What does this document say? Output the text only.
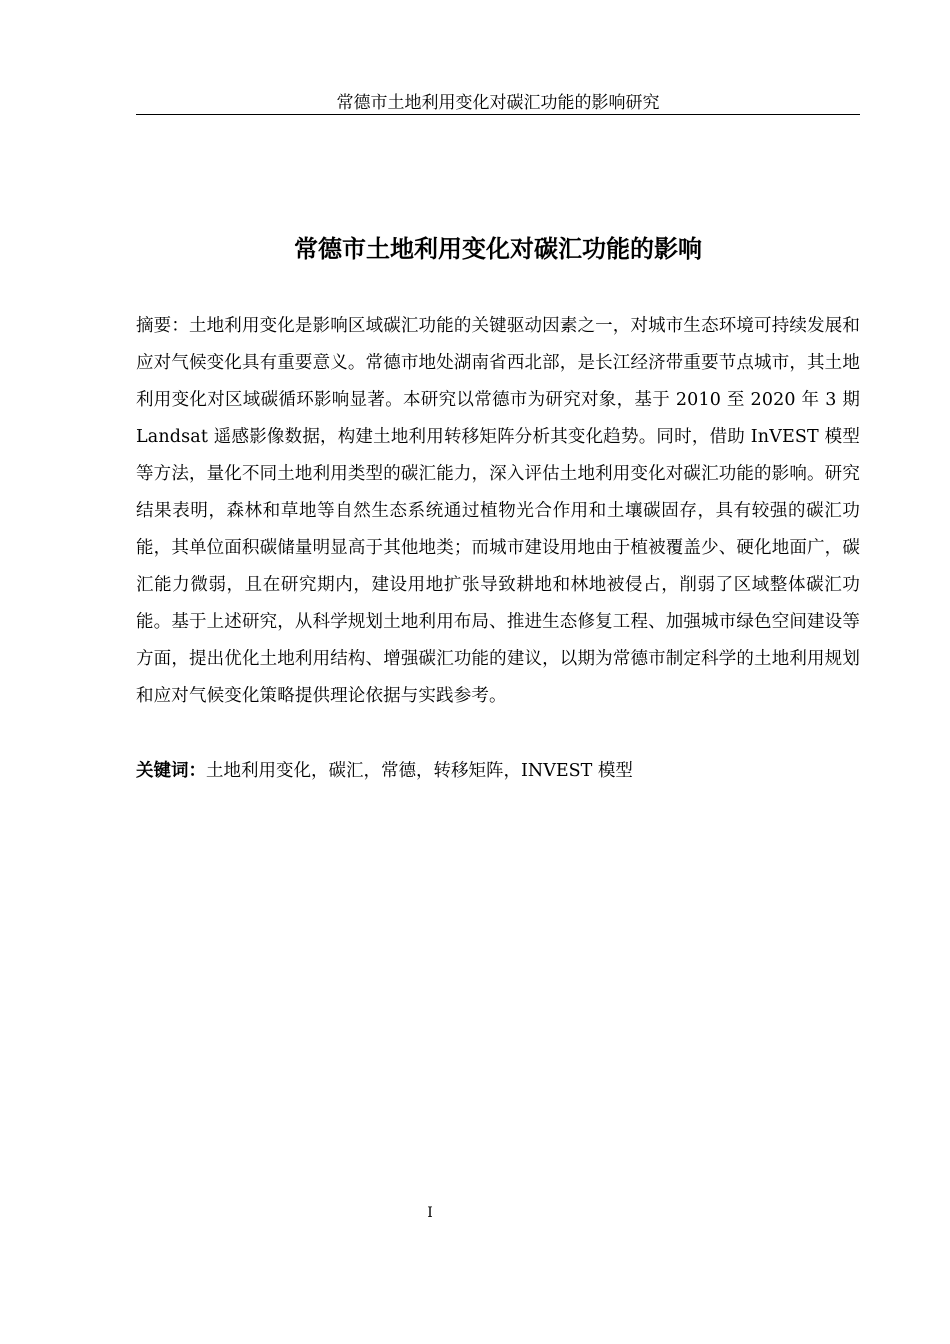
常德市土地利用变化对碳汇功能的影响研究
常德市土地利用变化对碳汇功能的影响

摘要：土地利用变化是影响区域碳汇功能的关键驱动因素之一，对城市生态环境可持续发展和应对气候变化具有重要意义。常德市地处湖南省西北部，是长江经济带重要节点城市，其土地利用变化对区域碳循环影响显著。本研究以常德市为研究对象，基于 2010 至 2020 年 3 期 Landsat 遥感影像数据，构建土地利用转移矩阵分析其变化趋势。同时，借助 InVEST 模型等方法，量化不同土地利用类型的碳汇能力，深入评估土地利用变化对碳汇功能的影响。研究结果表明，森林和草地等自然生态系统通过植物光合作用和土壤碳固存，具有较强的碳汇功能，其单位面积碳储量明显高于其他地类；而城市建设用地由于植被覆盖少、硬化地面广，碳汇能力微弱，且在研究期内，建设用地扩张导致耕地和林地被侵占，削弱了区域整体碳汇功能。基于上述研究，从科学规划土地利用布局、推进生态修复工程、加强城市绿色空间建设等方面，提出优化土地利用结构、增强碳汇功能的建议，以期为常德市制定科学的土地利用规划和应对气候变化策略提供理论依据与实践参考。

关键词：土地利用变化，碳汇，常德，转移矩阵，INVEST 模型
I
